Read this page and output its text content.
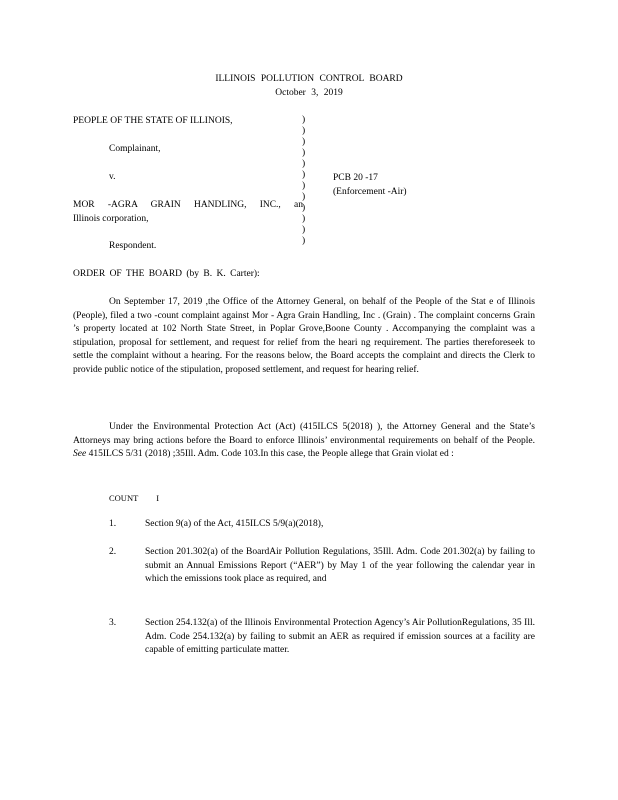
ILLINOIS POLLUTION CONTROL BOARD
October 3, 2019
PEOPLE OF THE STATE OF ILLINOIS,
Complainant,
v.
MOR -AGRA GRAIN HANDLING, INC., an
Illinois corporation,
Respondent.
)
)
)
)
)
)
)
)
)
)
)
)
PCB 20 -17
(Enforcement -Air)
ORDER OF THE BOARD (by B. K. Carter):
On September 17, 2019 ,the Office of the Attorney General, on behalf of the People of the Stat e of Illinois (People), filed a two -count complaint against Mor - Agra Grain Handling, Inc . (Grain) . The complaint concerns Grain ’s property located at 102 North State Street, in Poplar Grove,Boone County . Accompanying the complaint was a stipulation, proposal for settlement, and request for relief from the heari ng requirement. The parties thereforeseek to settle the complaint without a hearing. For the reasons below, the Board accepts the complaint and directs the Clerk to provide public notice of the stipulation, proposed settlement, and request for hearing relief.
Under the Environmental Protection Act (Act) (415ILCS 5(2018) ), the Attorney General and the State’s Attorneys may bring actions before the Board to enforce Illinois’ environmental requirements on behalf of the People. See 415ILCS 5/31 (2018) ;35Ill. Adm. Code 103.In this case, the People allege that Grain violat ed :
COUNT I
1.	Section 9(a) of the Act, 415ILCS 5/9(a)(2018),
2.	Section 201.302(a) of the BoardAir Pollution Regulations, 35Ill. Adm. Code 201.302(a) by failing to submit an Annual Emissions Report (“AER”) by May 1 of the year following the calendar year in which the emissions took place as required, and
3.	Section 254.132(a) of the Illinois Environmental Protection Agency’s Air PollutionRegulations, 35 Ill. Adm. Code 254.132(a) by failing to submit an AER as required if emission sources at a facility are capable of emitting particulate matter.
